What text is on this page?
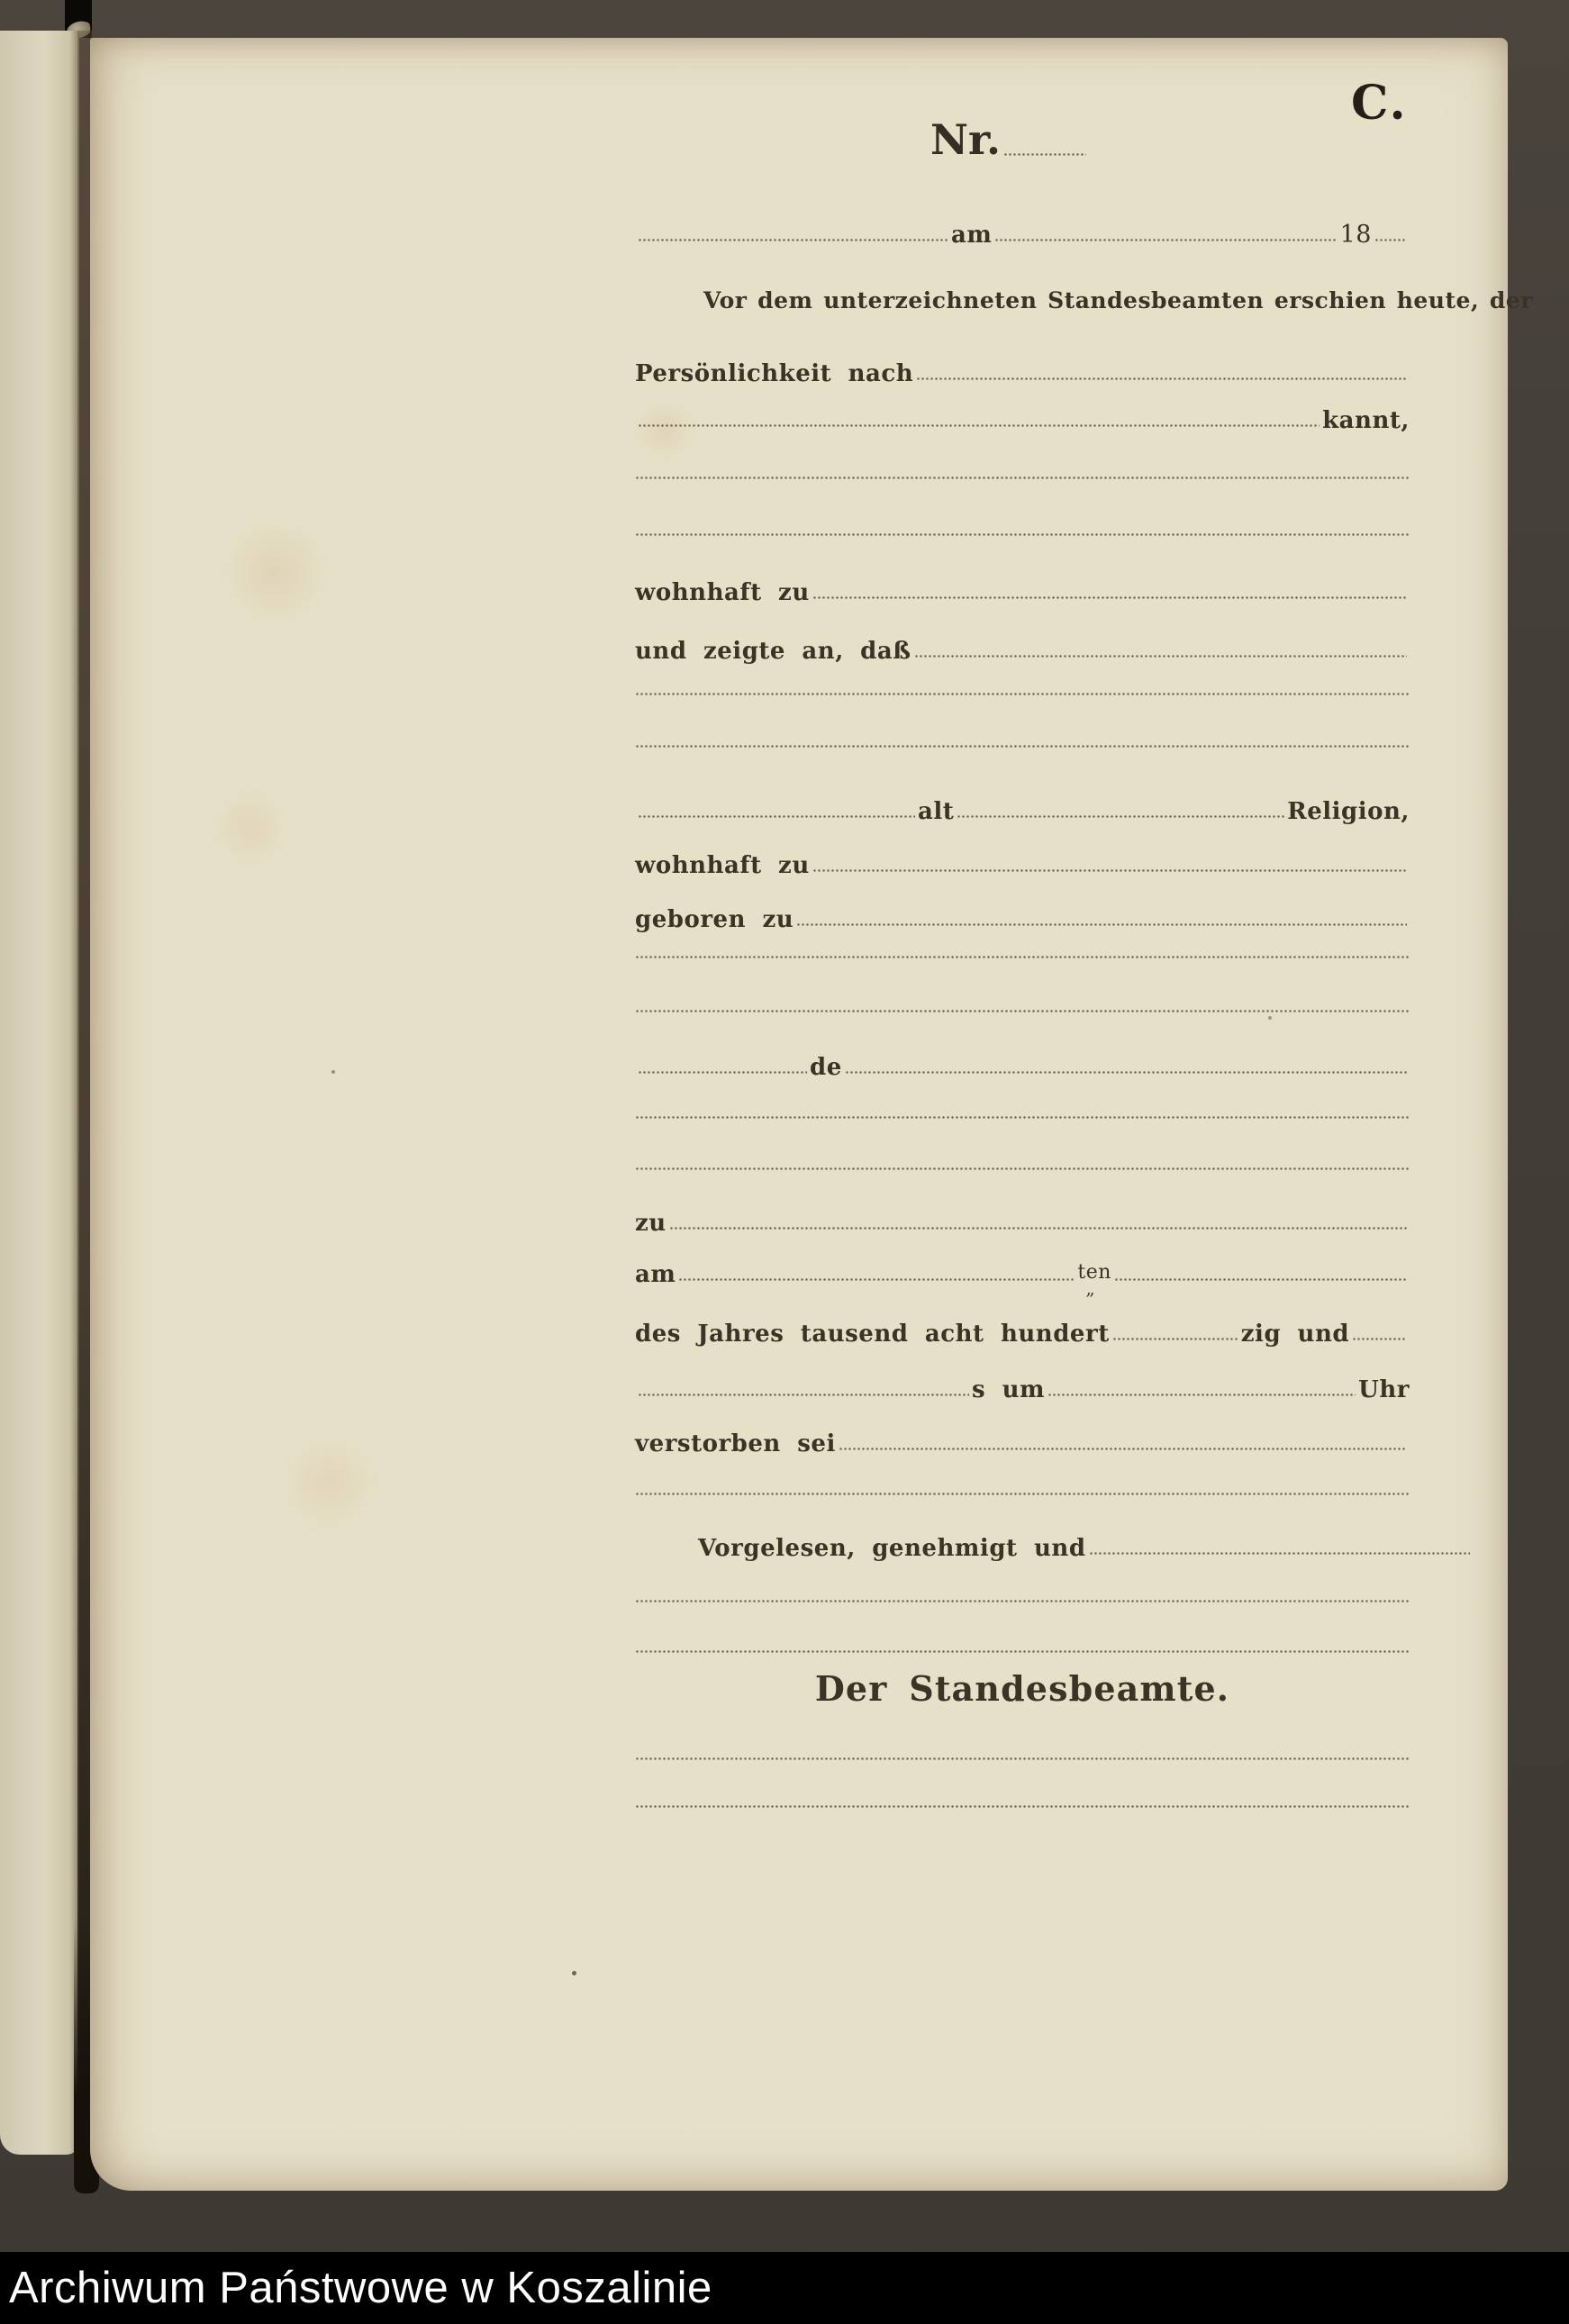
C.
Nr.
am	18
Vor dem unterzeichneten Standesbeamten erschien heute, der
Persönlichkeit nach
kannt,
wohnhaft zu
und zeigte an, daß
alt	Religion,
wohnhaft zu
geboren zu
de
zu
am	ten
„
des Jahres tausend acht hundert	zig und
s um	Uhr
verstorben sei
Vorgelesen, genehmigt und
Der Standesbeamte.
Archiwum Państwowe w Koszalinie
